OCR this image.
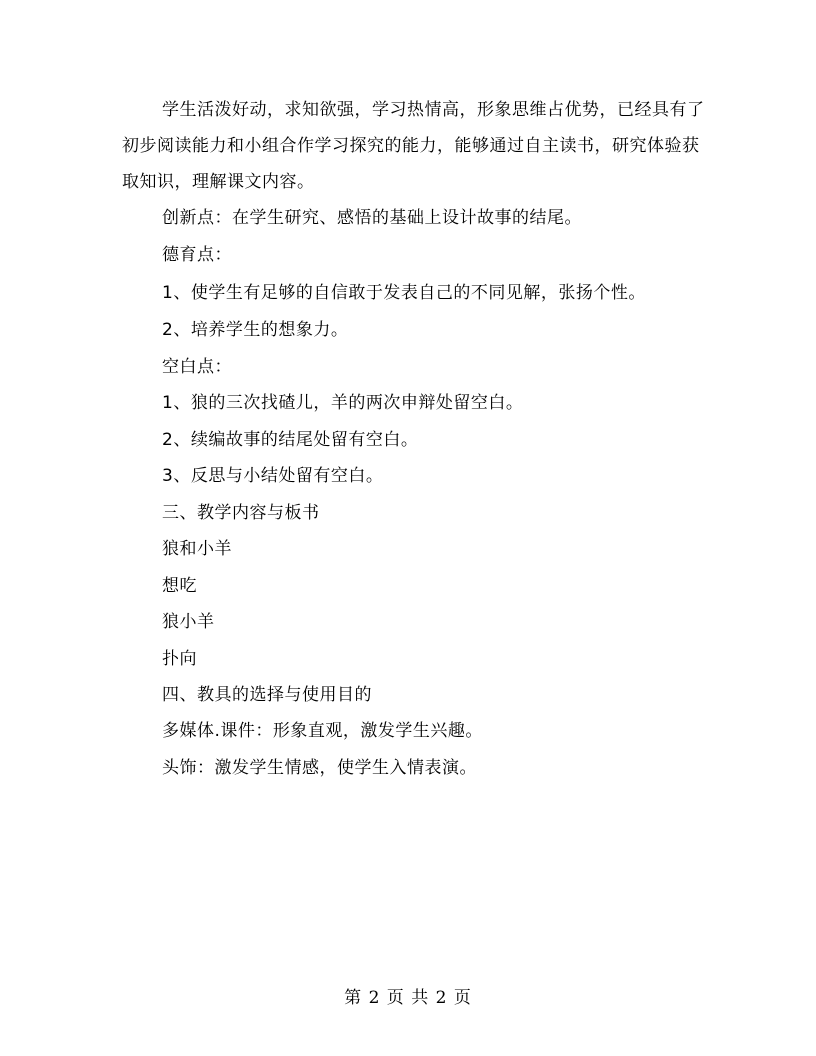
学生活泼好动，求知欲强，学习热情高，形象思维占优势，已经具有了初步阅读能力和小组合作学习探究的能力，能够通过自主读书，研究体验获取知识，理解课文内容。

创新点：在学生研究、感悟的基础上设计故事的结尾。

德育点：

1、使学生有足够的自信敢于发表自己的不同见解，张扬个性。

2、培养学生的想象力。

空白点：

1、狼的三次找碴儿，羊的两次申辩处留空白。

2、续编故事的结尾处留有空白。

3、反思与小结处留有空白。

三、教学内容与板书

狼和小羊

想吃

狼小羊

扑向

四、教具的选择与使用目的

多媒体.课件：形象直观，激发学生兴趣。

头饰：激发学生情感，使学生入情表演。

第 2 页 共 2 页
